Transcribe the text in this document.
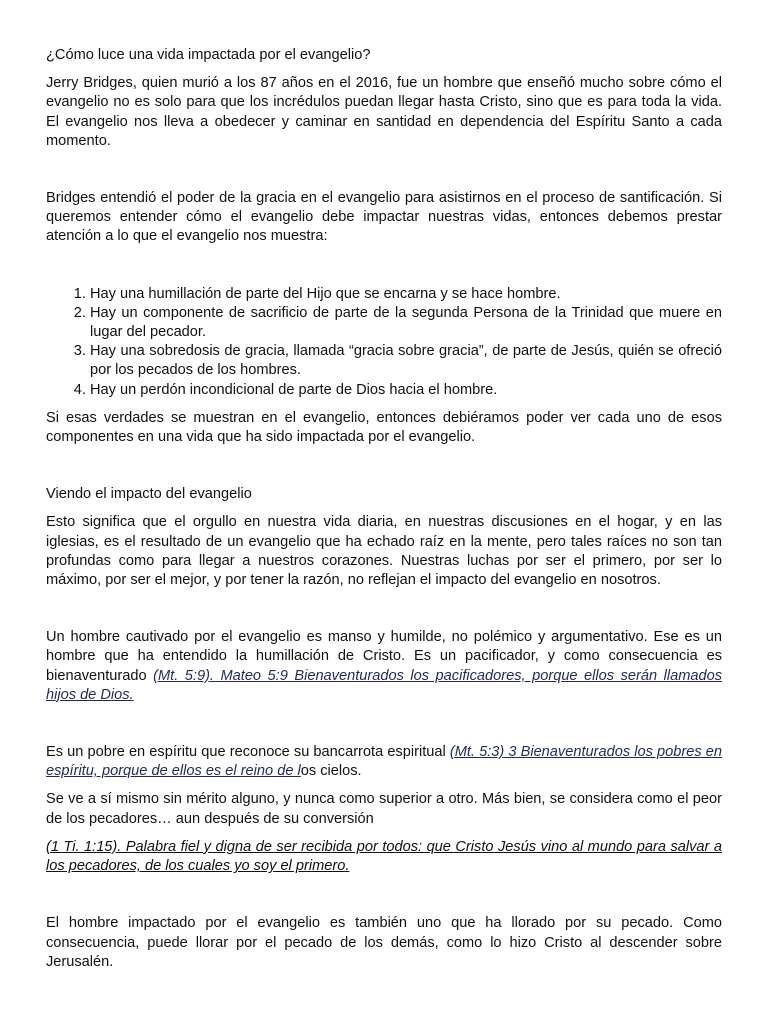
¿Cómo luce una vida impactada por el evangelio?

Jerry Bridges, quien murió a los 87 años en el 2016, fue un hombre que enseñó mucho sobre cómo el evangelio no es solo para que los incrédulos puedan llegar hasta Cristo, sino que es para toda la vida. El evangelio nos lleva a obedecer y caminar en santidad en dependencia del Espíritu Santo a cada momento.

Bridges entendió el poder de la gracia en el evangelio para asistirnos en el proceso de santificación. Si queremos entender cómo el evangelio debe impactar nuestras vidas, entonces debemos prestar atención a lo que el evangelio nos muestra:

1. Hay una humillación de parte del Hijo que se encarna y se hace hombre.
2. Hay un componente de sacrificio de parte de la segunda Persona de la Trinidad que muere en lugar del pecador.
3. Hay una sobredosis de gracia, llamada “gracia sobre gracia”, de parte de Jesús, quién se ofreció por los pecados de los hombres.
4. Hay un perdón incondicional de parte de Dios hacia el hombre.

Si esas verdades se muestran en el evangelio, entonces debiéramos poder ver cada uno de esos componentes en una vida que ha sido impactada por el evangelio.

Viendo el impacto del evangelio

Esto significa que el orgullo en nuestra vida diaria, en nuestras discusiones en el hogar, y en las iglesias, es el resultado de un evangelio que ha echado raíz en la mente, pero tales raíces no son tan profundas como para llegar a nuestros corazones. Nuestras luchas por ser el primero, por ser lo máximo, por ser el mejor, y por tener la razón, no reflejan el impacto del evangelio en nosotros.

Un hombre cautivado por el evangelio es manso y humilde, no polémico y argumentativo. Ese es un hombre que ha entendido la humillación de Cristo. Es un pacificador, y como consecuencia es bienaventurado (Mt. 5:9). Mateo 5:9 Bienaventurados los pacificadores, porque ellos serán llamados hijos de Dios.

Es un pobre en espíritu que reconoce su bancarrota espiritual (Mt. 5:3) 3 Bienaventurados los pobres en espíritu, porque de ellos es el reino de los cielos.

Se ve a sí mismo sin mérito alguno, y nunca como superior a otro. Más bien, se considera como el peor de los pecadores… aun después de su conversión

(1 Ti. 1:15). Palabra fiel y digna de ser recibida por todos: que Cristo Jesús vino al mundo para salvar a los pecadores, de los cuales yo soy el primero.

El hombre impactado por el evangelio es también uno que ha llorado por su pecado. Como consecuencia, puede llorar por el pecado de los demás, como lo hizo Cristo al descender sobre Jerusalén.
